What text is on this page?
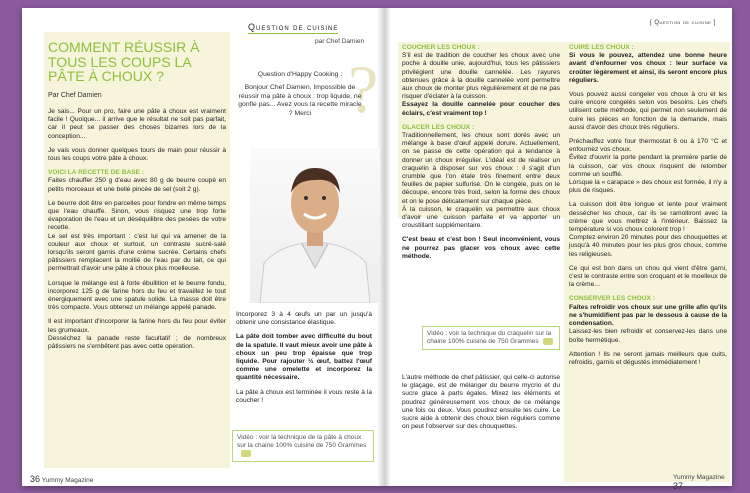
COMMENT RÉUSSIR À TOUS LES COUPS LA PÂTE À CHOUX ?
Par Chef Damien
Question de cuisine
par Chef Damien
[ Question de cuisine ]
?
Question d'Happy Cooking :
Bonjour Chef Damien, Impossible de réussir ma pâte à choux : trop liquide, ne gonfle pas... Avez vous la recette miracle ? Merci

Je sais... Pour un pro, faire une pâte à choux est vraiment facile ! Quoique... il arrive que le résultat ne soit pas parfait, car il peut se passer des choses bizarres lors de la conception...

Je vais vous donner quelques tours de main pour réussir à tous les coups votre pâte à choux.

VOICI LA RECETTE DE BASE :

Faites chauffer 250 g d'eau avec 80 g de beurre coupé en petits morceaux et une belle pincée de sel (soit 2 g).

Le beurre doit être en parcelles pour fondre en même temps que l'eau chauffe. Sinon, vous risquez une trop forte évaporation de l'eau et un déséquilibre des pesées de votre recette.

Le sel est très important : c'est lui qui va amener de la couleur aux choux et surtout, un contraste sucré-salé lorsqu'ils seront garnis d'une crème sucrée. Certains chefs pâtissiers remplacent la moitié de l'eau par du lait, ce qui permettrait d'avoir une pâte à choux plus moelleuse.

Lorsque le mélange est à forte ébullition et le beurre fondu, incorporez 125 g de farine hors du feu et travaillez le tout énergiquement avec une spatule solide. La masse doit être très compacte. Vous obtenez un mélange appelé panade.

Il est important d'incorporer la farine hors du feu pour éviter les grumeaux.

Desséchez la panade reste facultatif ; de nombreux pâtissiers ne s'embêtent pas avec cette opération.

Incorporez 3 à 4 œufs un par un jusqu'à obtenir une consistance élastique.

La pâte doit tomber avec difficulté du bout de la spatule. Il vaut mieux avoir une pâte à choux un peu trop épaisse que trop liquide. Pour rajouter ½ œuf, battez l'œuf comme une omelette et incorporez la quantité nécessaire.

La pâte à choux est terminée il vous reste à la coucher !

Vidéo : voir la technique de la pâte à choux sur la chaine 100% cuisine de 750 Grammes
COUCHER LES CHOUX :

S'il est de tradition de coucher les choux avec une poche à douille unie, aujourd'hui, tous les pâtissiers privilégient une douille cannelée. Les rayures obtenues grâce à la douille cannelée vont permettre aux choux de monter plus régulièrement et de ne pas risquer d'éclater à la cuisson.

Essayez la douille cannelée pour coucher des éclairs, c'est vraiment top !

GLACER LES CHOUX :

Traditionnellement, les choux sont dorés avec un mélange à base d'œuf appelé dorure. Actuellement, on se passe de cette opération qui a tendance à donner un choux irrégulier. L'idéal est de réaliser un craquelin à disposer sur vos choux : il s'agit d'un crumble que l'on étale très finement entre deux feuilles de papier sulfurisé. On le congèle, puis on le découpe, encore très froid, selon la forme des choux et on le pose délicatement sur chaque pièce.

À la cuisson, le craquelin va permettre aux choux d'avoir une cuisson parfaite et va apporter un croustillant supplémentaire.

C'est beau et c'est bon ! Seul inconvénient, vous ne pourrez pas glacer vos choux avec cette méthode.

Vidéo : voir la technique du craquelin sur la chaine 100% cuisine de 750 Grammes

L'autre méthode de chef pâtissier, qui celle-ci autorise le glaçage, est de mélanger du beurre mycrio et du sucre glace à parts égales. Mixez les éléments et poudrez généreusement vos choux de ce mélange une fois ou deux. Vous poudrez ensuite les cuire. Le sucre aide à obtenir des choux bien réguliers comme on peut l'observer sur des chouquettes.

CUIRE LES CHOUX :

Si vous le pouvez, attendez une bonne heure avant d'enfourner vos choux : leur surface va croûter légèrement et ainsi, ils seront encore plus réguliers.

Vous pouvez aussi congeler vos choux à cru et les cuire encore congelés selon vos besoins. Les chefs utilisent cette méthode, qui permet non seulement de cuire les pièces en fonction de la demande, mais aussi d'avoir des choux très réguliers.

Préchauffez votre four thermostat 6 ou à 170 °C et enfournez vos choux.

Évitez d'ouvrir la porte pendant la première partie de la cuisson, car vos choux risquent de retomber comme un soufflé.

Lorsque la « carapace » des choux est formée, il n'y a plus de risques.

La cuisson doit être longue et lente pour vraiment dessécher les choux, car ils se ramolliront avec la crème que vous mettrez à l'intérieur. Baissez la température si vos choux colorent trop !

Comptez environ 20 minutes pour des chouquettes et jusqu'à 40 minutes pour les plus gros choux, comme les religieuses.

Ce qui est bon dans un chou qui vient d'être garni, c'est le contraste entre son croquant et le moelleux de la crème...

CONSERVER LES CHOUX :

Faites refroidir vos choux sur une grille afin qu'ils ne s'humidifient pas par le dessous à cause de la condensation.

Laissez-les bien refroidir et conservez-les dans une boîte hermétique.

Attention ! Ils ne seront jamais meilleurs que cuits, refroidis, garnis et dégustés immédiatement !

36 Yummy Magazine	Yummy Magazine 37
